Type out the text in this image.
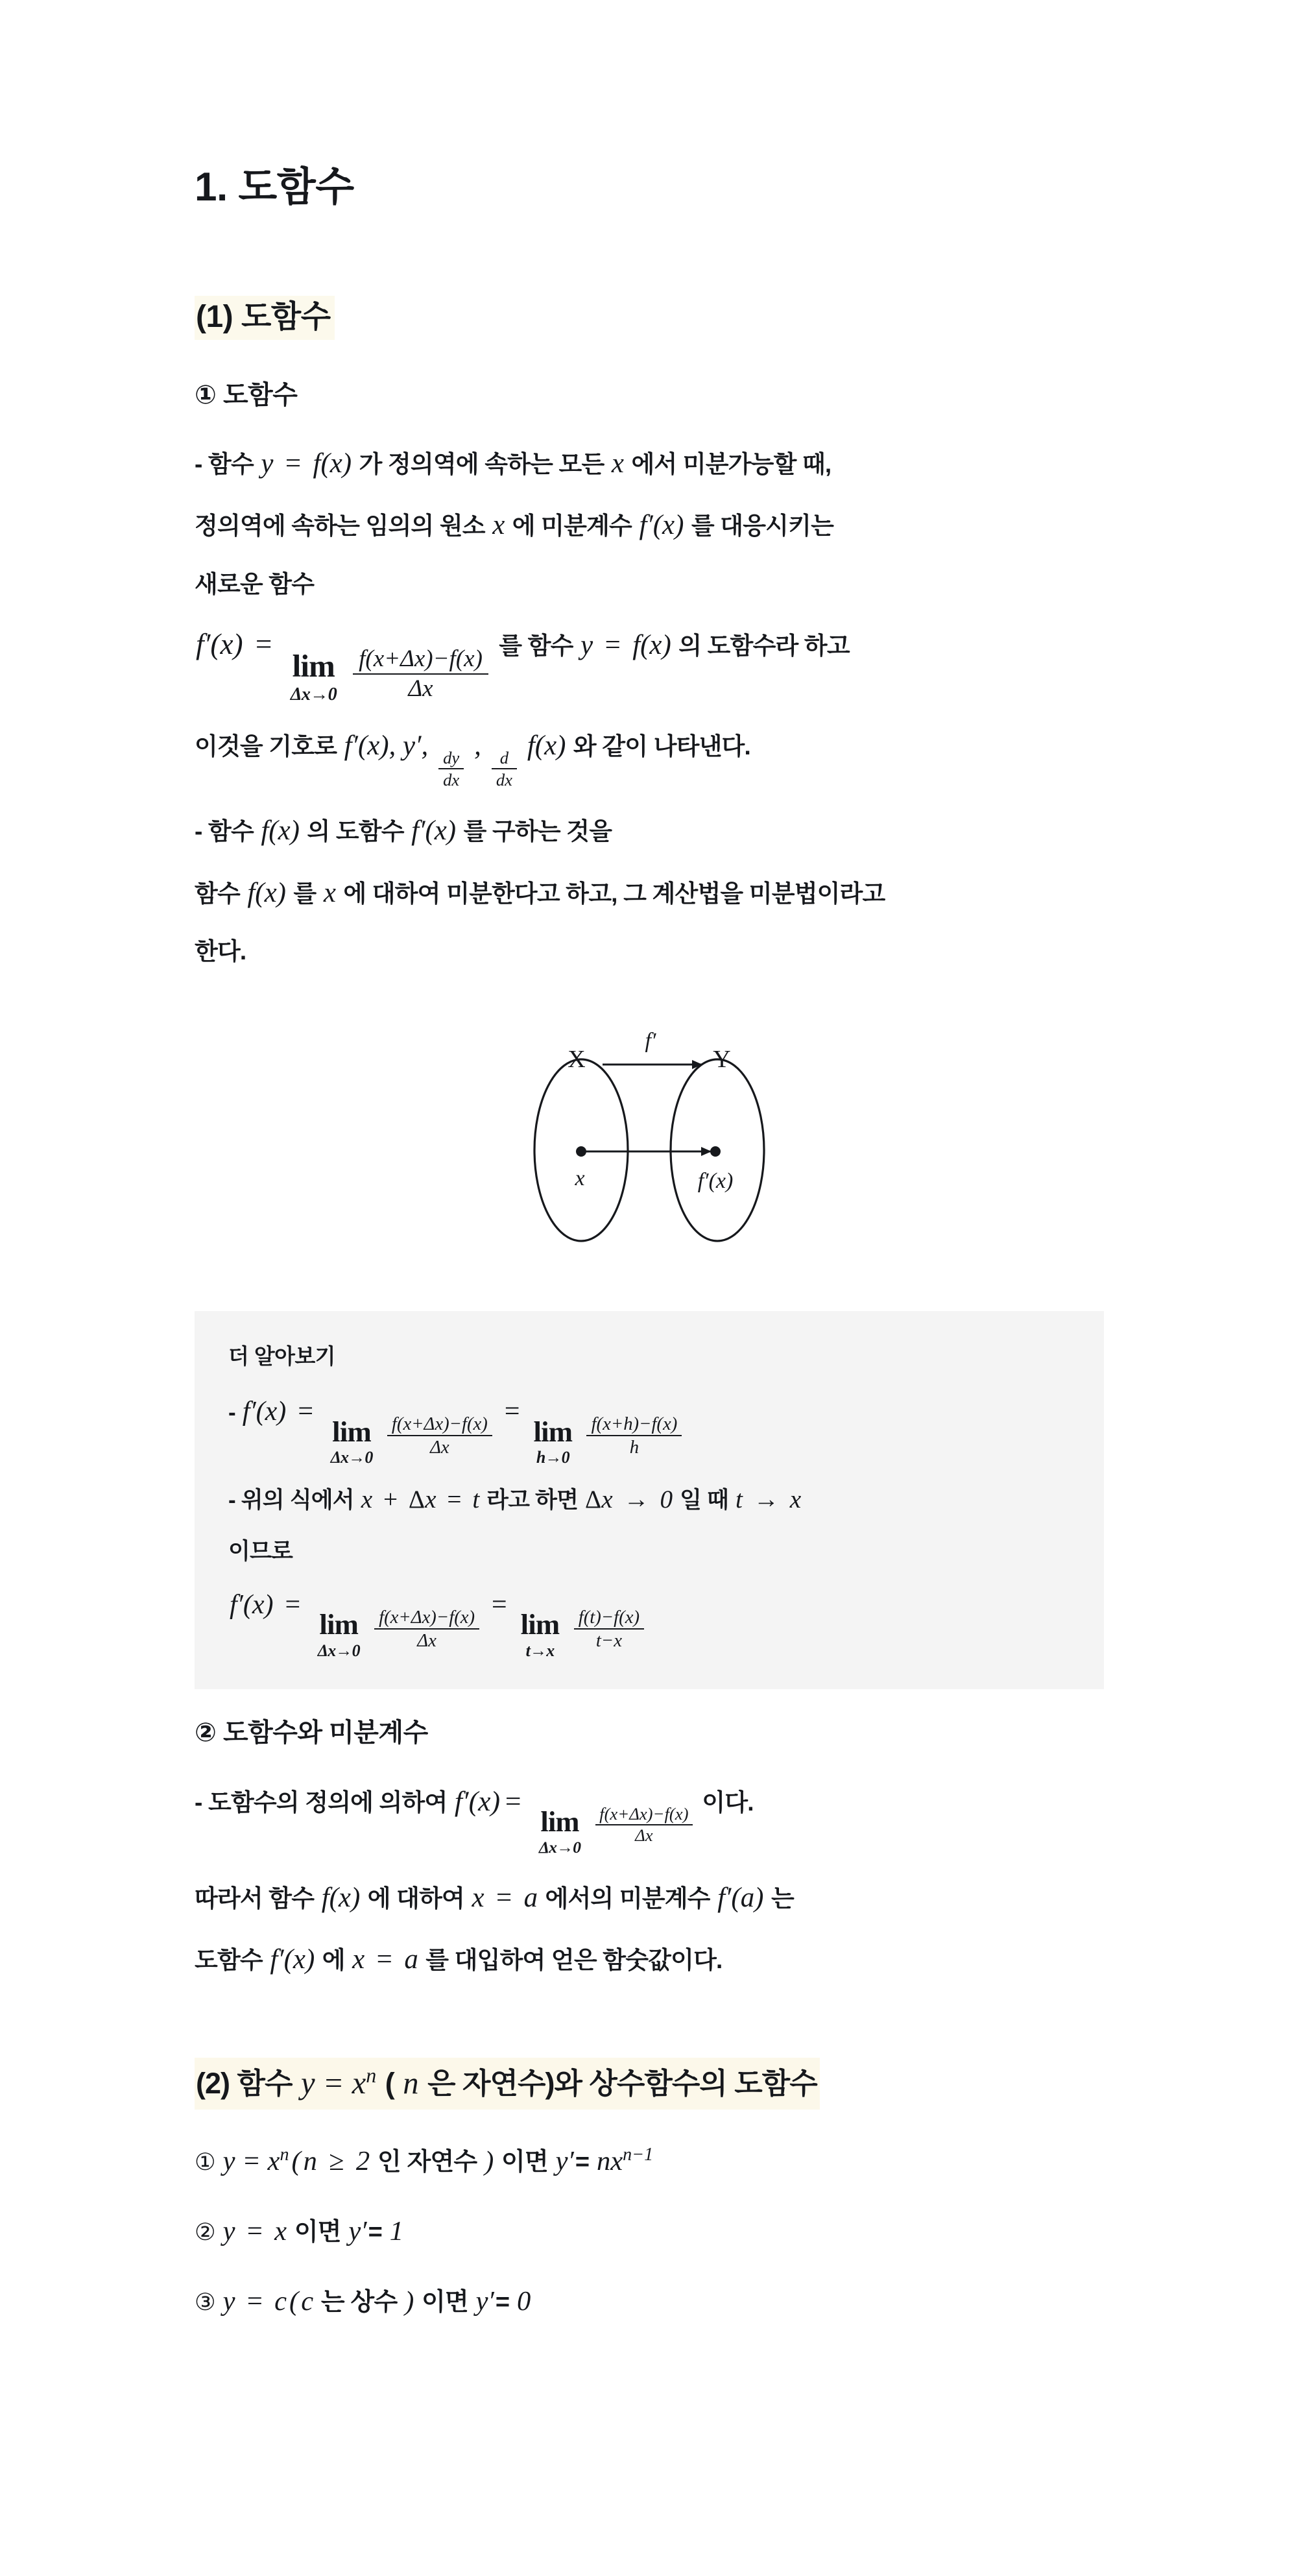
1. 도함수
(1) 도함수
① 도함수

- 함수 y = f(x) 가 정의역에 속하는 모든 x 에서 미분가능할 때,

정의역에 속하는 임의의 원소 x 에 미분계수 f′(x) 를 대응시키는

새로운 함수

f′(x) =
lim
Δx→0
$\frac{f(x+\Delta x)-f(x)}{\Delta x}$
를 함수 y = f(x) 의 도함수라 하고

이것을 기호로 f′(x), y′,
$\frac{dy}{dx}$
,
$\frac{d}{dx}$
f(x) 와 같이 나타낸다.

- 함수 f(x) 의 도함수 f′(x) 를 구하는 것을

함수 f(x) 를 x 에 대하여 미분한다고 하고, 그 계산법을 미분법이라고

한다.

X	Y
f′
x	f′(x)
더 알아보기

- f′(x) =
lim
Δx→0
$\frac{f(x+\Delta x)-f(x)}{\Delta x}$
=
lim
h→0
$\frac{f(x+h)-f(x)}{h}$

- 위의 식에서 x + Δx = t 라고 하면 Δx → 0 일 때 t → x

이므로

f′(x) =
lim
Δx→0
$\frac{f(x+\Delta x)-f(x)}{\Delta x}$
=
lim
t→x
$\frac{f(t)-f(x)}{t-x}$

② 도함수와 미분계수

- 도함수의 정의에 의하여 f′(x) =
lim
Δx→0

$\frac{f(x+\Delta x)-f(x)}{\Delta x}$
이다.

따라서 함수 f(x) 에 대하여 x = a 에서의 미분계수 f′(a) 는

도함수 f′(x) 에 x = a 를 대입하여 얻은 함숫값이다.

(2) 함수 $y = x^n$ ( n 은 자연수)와 상수함수의 도함수

① $y = x^n(n \ge 2$ 인 자연수 ) 이면 $y'= nx^{n-1}$

② y = x 이면 y′= 1

③ y = c(c 는 상수 ) 이면 y′= 0
